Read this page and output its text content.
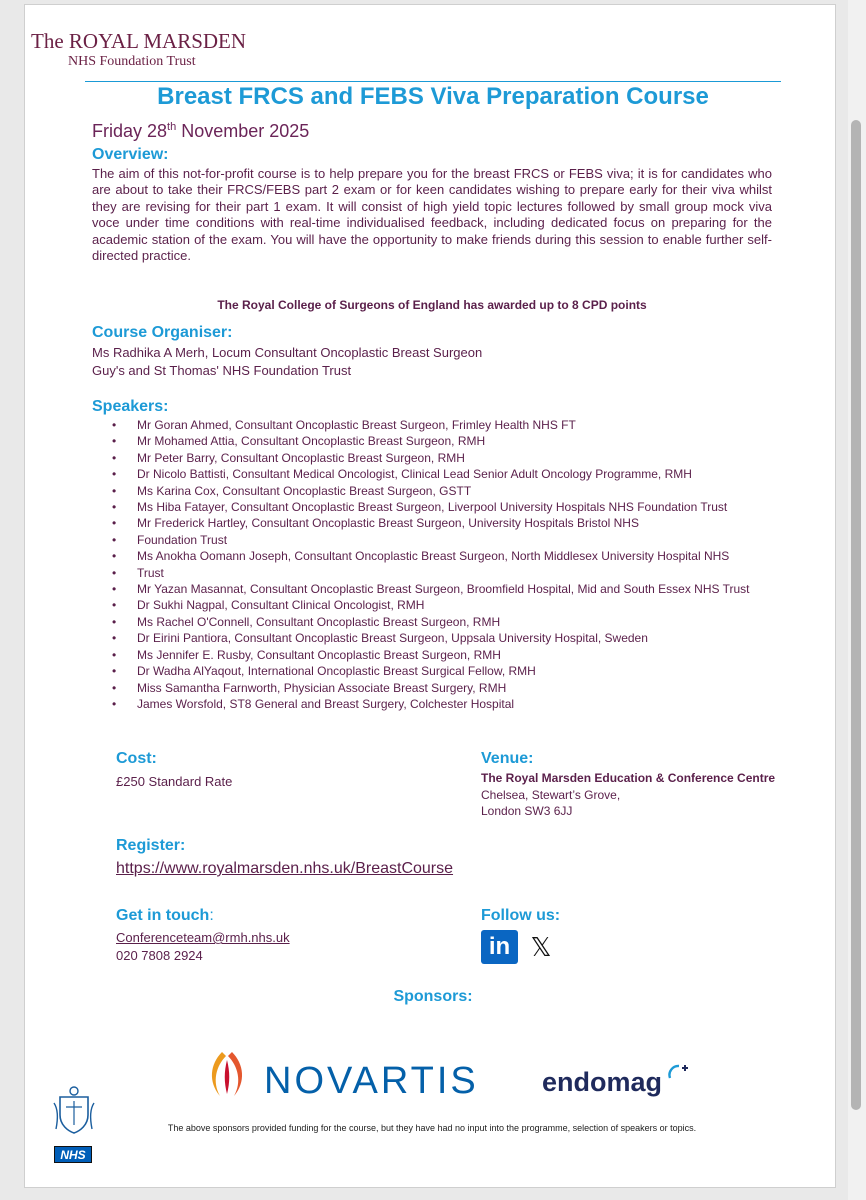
The ROYAL MARSDEN
NHS Foundation Trust
Breast FRCS and FEBS Viva Preparation Course
Friday 28th November 2025
Overview:
The aim of this not-for-profit course is to help prepare you for the breast FRCS or FEBS viva; it is for candidates who are about to take their FRCS/FEBS part 2 exam or for keen candidates wishing to prepare early for their viva whilst they are revising for their part 1 exam. It will consist of high yield topic lectures followed by small group mock viva voce under time conditions with real-time individualised feedback, including dedicated focus on preparing for the academic station of the exam. You will have the opportunity to make friends during this session to enable further self-directed practice.
The Royal College of Surgeons of England has awarded up to 8 CPD points
Course Organiser:
Ms Radhika A Merh, Locum Consultant Oncoplastic Breast Surgeon
Guy's and St Thomas' NHS Foundation Trust
Speakers:
• Mr Goran Ahmed, Consultant Oncoplastic Breast Surgeon, Frimley Health NHS FT
• Mr Mohamed Attia, Consultant Oncoplastic Breast Surgeon, RMH
• Mr Peter Barry, Consultant Oncoplastic Breast Surgeon, RMH
• Dr Nicolo Battisti, Consultant Medical Oncologist, Clinical Lead Senior Adult Oncology Programme, RMH
• Ms Karina Cox, Consultant Oncoplastic Breast Surgeon, GSTT
• Ms Hiba Fatayer, Consultant Oncoplastic Breast Surgeon, Liverpool University Hospitals NHS Foundation Trust
• Mr Frederick Hartley, Consultant Oncoplastic Breast Surgeon, University Hospitals Bristol NHS
• Foundation Trust
• Ms Anokha Oomann Joseph, Consultant Oncoplastic Breast Surgeon, North Middlesex University Hospital NHS
• Trust
• Mr Yazan Masannat, Consultant Oncoplastic Breast Surgeon, Broomfield Hospital, Mid and South Essex NHS Trust
• Dr Sukhi Nagpal, Consultant Clinical Oncologist, RMH
• Ms Rachel O'Connell, Consultant Oncoplastic Breast Surgeon, RMH
• Dr Eirini Pantiora, Consultant Oncoplastic Breast Surgeon, Uppsala University Hospital, Sweden
• Ms Jennifer E. Rusby, Consultant Oncoplastic Breast Surgeon, RMH
• Dr Wadha AlYaqout, International Oncoplastic Breast Surgical Fellow, RMH
• Miss Samantha Farnworth, Physician Associate Breast Surgery, RMH
• James Worsfold, ST8 General and Breast Surgery, Colchester Hospital
Cost:
£250 Standard Rate
Venue:
The Royal Marsden Education & Conference Centre
Chelsea, Stewart’s Grove,
London SW3 6JJ
Register:
https://www.royalmarsden.nhs.uk/BreastCourse
Get in touch:
Conferenceteam@rmh.nhs.uk
020 7808 2924
Follow us:
in 𝕏
Sponsors:
NOVARTIS endomag
NHS
The above sponsors provided funding for the course, but they have had no input into the programme, selection of speakers or topics.
